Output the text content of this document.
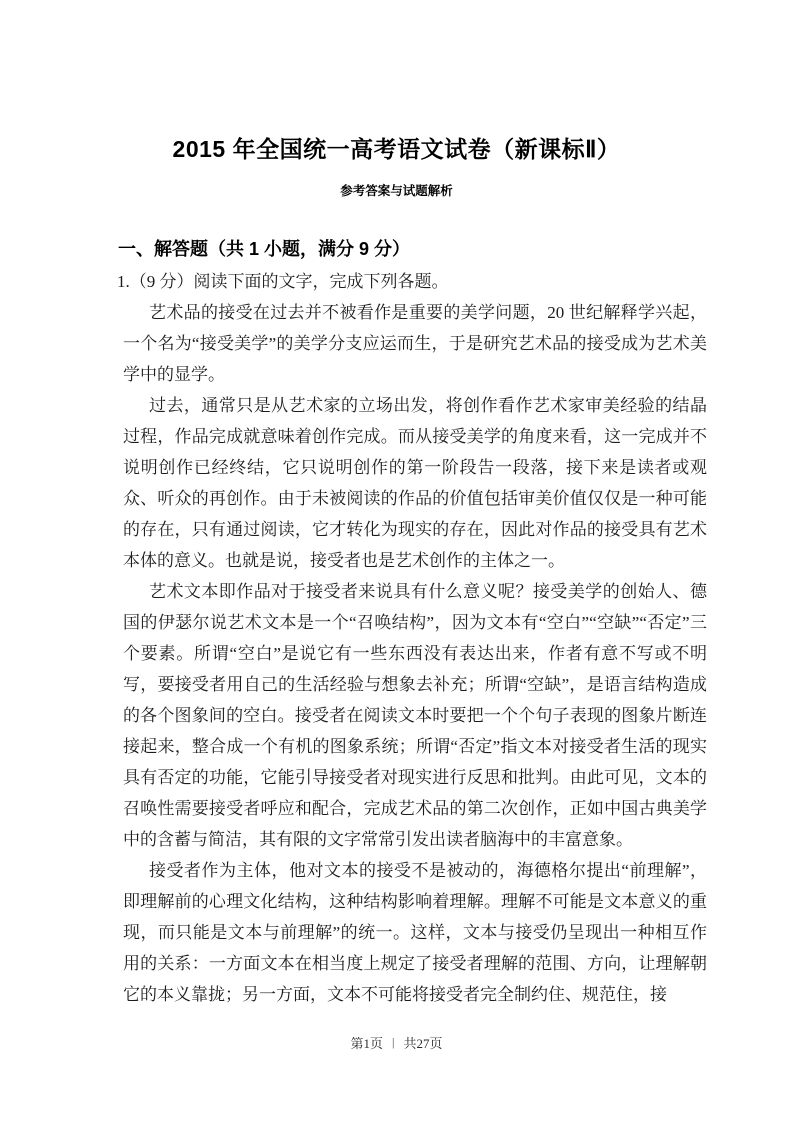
2015 年全国统一高考语文试卷（新课标Ⅱ）
参考答案与试题解析
一、解答题（共 1 小题，满分 9 分）

1.（9 分）阅读下面的文字，完成下列各题。

艺术品的接受在过去并不被看作是重要的美学问题，20 世纪解释学兴起，一个名为“接受美学”的美学分支应运而生，于是研究艺术品的接受成为艺术美学中的显学。

过去，通常只是从艺术家的立场出发，将创作看作艺术家审美经验的结晶过程，作品完成就意味着创作完成。而从接受美学的角度来看，这一完成并不说明创作已经终结，它只说明创作的第一阶段告一段落，接下来是读者或观众、听众的再创作。由于未被阅读的作品的价值包括审美价值仅仅是一种可能的存在，只有通过阅读，它才转化为现实的存在，因此对作品的接受具有艺术本体的意义。也就是说，接受者也是艺术创作的主体之一。

艺术文本即作品对于接受者来说具有什么意义呢？接受美学的创始人、德国的伊瑟尔说艺术文本是一个“召唤结构”，因为文本有“空白”“空缺”“否定”三个要素。所谓“空白”是说它有一些东西没有表达出来，作者有意不写或不明写，要接受者用自己的生活经验与想象去补充；所谓“空缺”，是语言结构造成的各个图象间的空白。接受者在阅读文本时要把一个个句子表现的图象片断连接起来，整合成一个有机的图象系统；所谓“否定”指文本对接受者生活的现实具有否定的功能，它能引导接受者对现实进行反思和批判。由此可见，文本的召唤性需要接受者呼应和配合，完成艺术品的第二次创作，正如中国古典美学中的含蓄与简洁，其有限的文字常常引发出读者脑海中的丰富意象。

接受者作为主体，他对文本的接受不是被动的，海德格尔提出“前理解”，即理解前的心理文化结构，这种结构影响着理解。理解不可能是文本意义的重现，而只能是文本与前理解”的统一。这样，文本与接受仍呈现出一种相互作用的关系：一方面文本在相当度上规定了接受者理解的范围、方向，让理解朝它的本义靠拢；另一方面，文本不可能将接受者完全制约住、规范住，接

第1页 | 共27页
